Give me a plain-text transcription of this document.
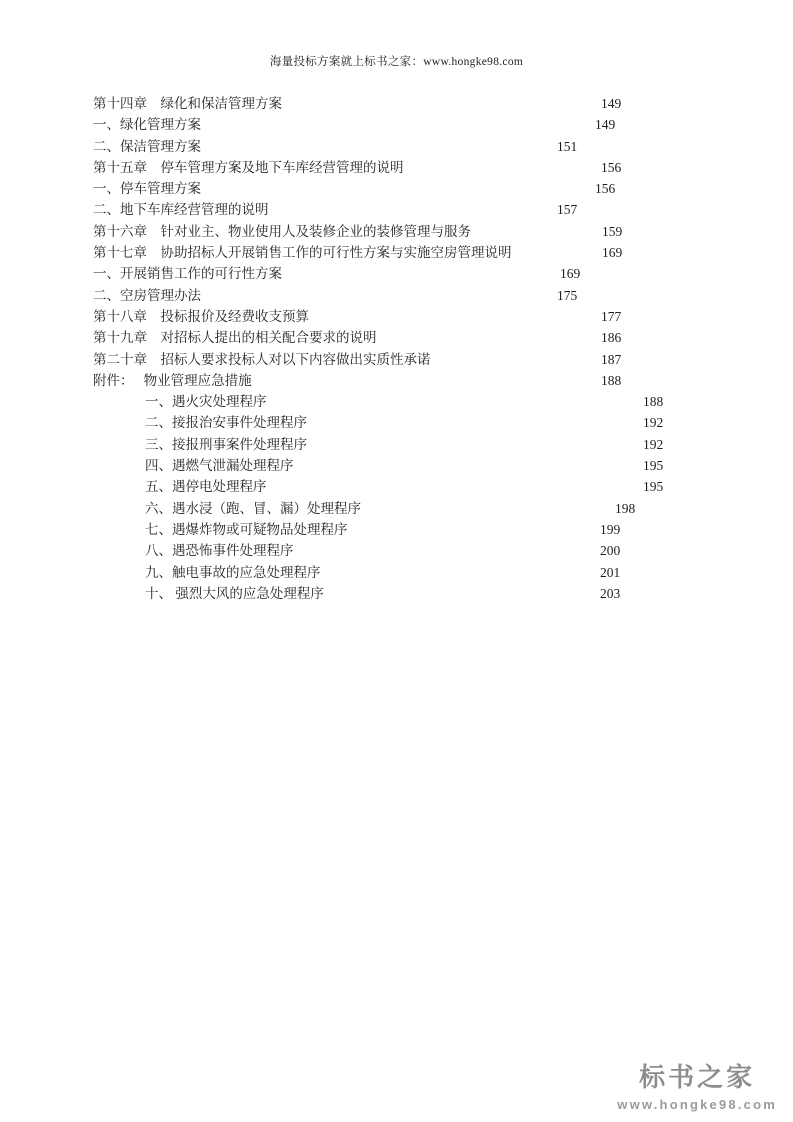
海量投标方案就上标书之家：www.hongke98.com
第十四章　绿化和保洁管理方案	149
一、绿化管理方案	149
二、保洁管理方案	151
第十五章　停车管理方案及地下车库经营管理的说明	156
一、停车管理方案	156
二、地下车库经营管理的说明	157
第十六章　针对业主、物业使用人及装修企业的装修管理与服务	159
第十七章　协助招标人开展销售工作的可行性方案与实施空房管理说明	169
一、开展销售工作的可行性方案	169
二、空房管理办法	175
第十八章　投标报价及经费收支预算	177
第十九章　对招标人提出的相关配合要求的说明	186
第二十章　招标人要求投标人对以下内容做出实质性承诺	187
附件：   物业管理应急措施	188
一、遇火灾处理程序	188
二、接报治安事件处理程序	192
三、接报刑事案件处理程序	192
四、遇燃气泄漏处理程序	195
五、遇停电处理程序	195
六、遇水浸（跑、冒、漏）处理程序	198
七、遇爆炸物或可疑物品处理程序	199
八、遇恐怖事件处理程序	200
九、触电事故的应急处理程序	201
十、 强烈大风的应急处理程序	203
标书之家
www.hongke98.com
